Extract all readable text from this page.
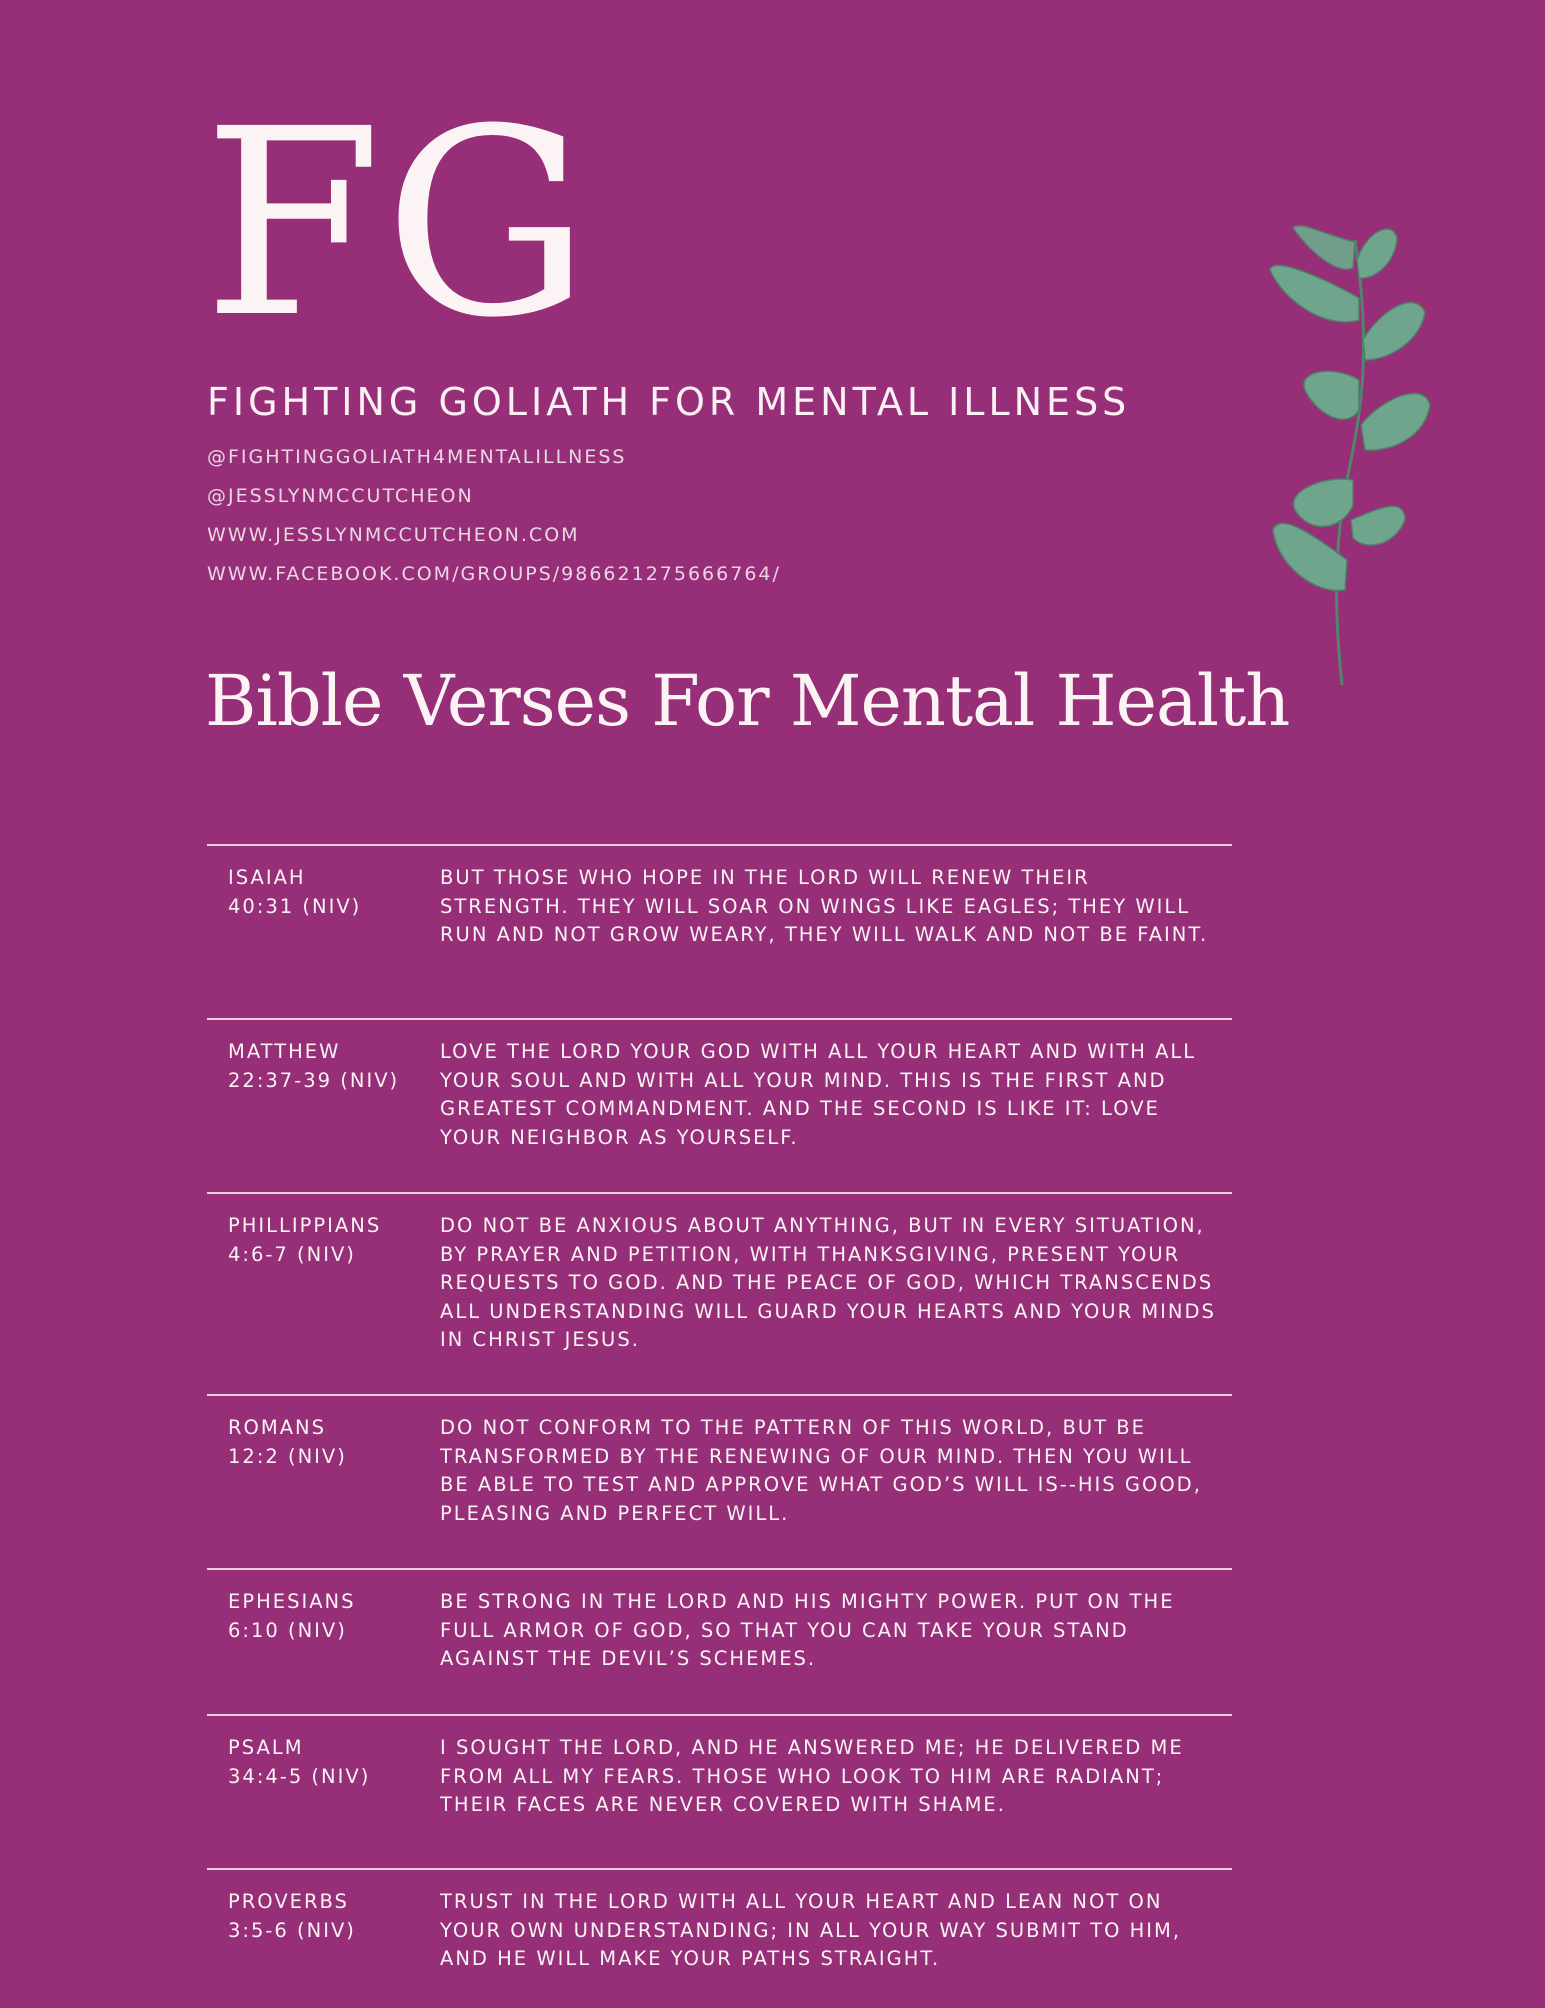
FG
FIGHTING GOLIATH FOR MENTAL ILLNESS
@FIGHTINGGOLIATH4MENTALILLNESS
@JESSLYNMCCUTCHEON
WWW.JESSLYNMCCUTCHEON.COM
WWW.FACEBOOK.COM/GROUPS/986621275666764/
Bible Verses For Mental Health
ISAIAH
40:31 (NIV)
BUT THOSE WHO HOPE IN THE LORD WILL RENEW THEIR STRENGTH. THEY WILL SOAR ON WINGS LIKE EAGLES; THEY WILL RUN AND NOT GROW WEARY, THEY WILL WALK AND NOT BE FAINT.
MATTHEW
22:37-39 (NIV)
LOVE THE LORD YOUR GOD WITH ALL YOUR HEART AND WITH ALL YOUR SOUL AND WITH ALL YOUR MIND. THIS IS THE FIRST AND GREATEST COMMANDMENT. AND THE SECOND IS LIKE IT: LOVE YOUR NEIGHBOR AS YOURSELF.
PHILLIPPIANS
4:6-7 (NIV)
DO NOT BE ANXIOUS ABOUT ANYTHING, BUT IN EVERY SITUATION, BY PRAYER AND PETITION, WITH THANKSGIVING, PRESENT YOUR REQUESTS TO GOD. AND THE PEACE OF GOD, WHICH TRANSCENDS ALL UNDERSTANDING WILL GUARD YOUR HEARTS AND YOUR MINDS IN CHRIST JESUS.
ROMANS
12:2 (NIV)
DO NOT CONFORM TO THE PATTERN OF THIS WORLD, BUT BE TRANSFORMED BY THE RENEWING OF OUR MIND. THEN YOU WILL BE ABLE TO TEST AND APPROVE WHAT GOD’S WILL IS--HIS GOOD, PLEASING AND PERFECT WILL.
EPHESIANS
6:10 (NIV)
BE STRONG IN THE LORD AND HIS MIGHTY POWER. PUT ON THE FULL ARMOR OF GOD, SO THAT YOU CAN TAKE YOUR STAND AGAINST THE DEVIL’S SCHEMES.
PSALM
34:4-5 (NIV)
I SOUGHT THE LORD, AND HE ANSWERED ME; HE DELIVERED ME FROM ALL MY FEARS. THOSE WHO LOOK TO HIM ARE RADIANT; THEIR FACES ARE NEVER COVERED WITH SHAME.
PROVERBS
3:5-6 (NIV)
TRUST IN THE LORD WITH ALL YOUR HEART AND LEAN NOT ON YOUR OWN UNDERSTANDING; IN ALL YOUR WAY SUBMIT TO HIM, AND HE WILL MAKE YOUR PATHS STRAIGHT.
